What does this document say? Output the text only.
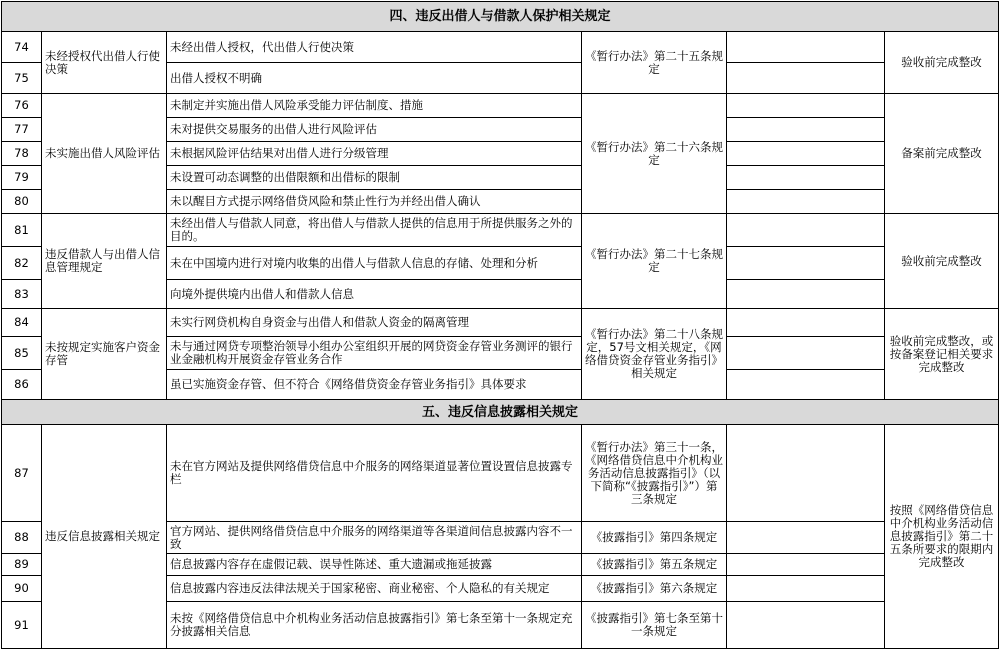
四、违反出借人与借款人保护相关规定					
74	未经授权代出借人行使决策	未经出借人授权，代出借人行使决策	《暂行办法》第二十五条规定		验收前完成整改
75		出借人授权不明确			
76	未实施出借人风险评估	未制定并实施出借人风险承受能力评估制度、措施	《暂行办法》第二十六条规定		备案前完成整改
77		未对提供交易服务的出借人进行风险评估			
78		未根据风险评估结果对出借人进行分级管理			
79		未设置可动态调整的出借限额和出借标的限制			
80		未以醒目方式提示网络借贷风险和禁止性行为并经出借人确认			
81	违反借款人与出借人信息管理规定	未经出借人与借款人同意，将出借人与借款人提供的信息用于所提供服务之外的目的。	《暂行办法》第二十七条规定		验收前完成整改
82		未在中国境内进行对境内收集的出借人与借款人信息的存储、处理和分析			
83		向境外提供境内出借人和借款人信息			
84	未按规定实施客户资金存管	未实行网贷机构自身资金与出借人和借款人资金的隔离管理	《暂行办法》第二十八条规定，57号文相关规定，《网络借贷资金存管业务指引》相关规定		验收前完成整改，或按备案登记相关要求完成整改
85		未与通过网贷专项整治领导小组办公室组织开展的网贷资金存管业务测评的银行业金融机构开展资金存管业务合作			
86		虽已实施资金存管、但不符合《网络借贷资金存管业务指引》具体要求			
五、违反信息披露相关规定					
87	违反信息披露相关规定	未在官方网站及提供网络借贷信息中介服务的网络渠道显著位置设置信息披露专栏	《暂行办法》第三十一条，《网络借贷信息中介机构业务活动信息披露指引》（以下简称“《披露指引》”）第三条规定		按照《网络借贷信息中介机构业务活动信息披露指引》第二十五条所要求的限期内完成整改
88		官方网站、提供网络借贷信息中介服务的网络渠道等各渠道间信息披露内容不一致	《披露指引》第四条规定		
89		信息披露内容存在虚假记载、误导性陈述、重大遗漏或拖延披露	《披露指引》第五条规定		
90		信息披露内容违反法律法规关于国家秘密、商业秘密、个人隐私的有关规定	《披露指引》第六条规定		
91		未按《网络借贷信息中介机构业务活动信息披露指引》第七条至第十一条规定充分披露相关信息	《披露指引》第七条至第十一条规定		
